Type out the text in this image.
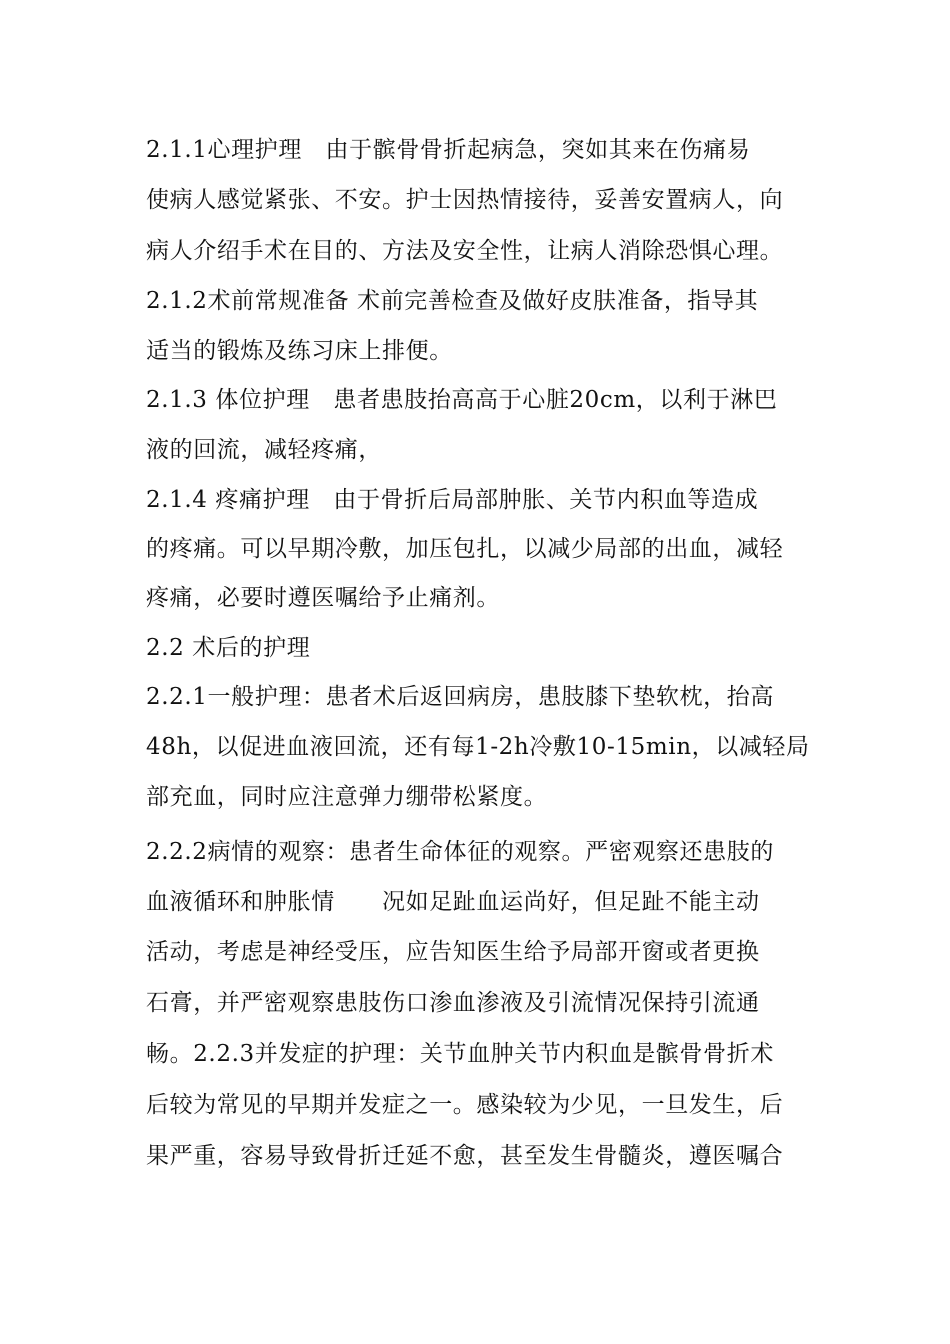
2.1.1心理护理　由于髌骨骨折起病急，突如其来在伤痛易
使病人感觉紧张、不安。护士因热情接待，妥善安置病人，向
病人介绍手术在目的、方法及安全性，让病人消除恐惧心理。
2.1.2术前常规准备 术前完善检查及做好皮肤准备，指导其
适当的锻炼及练习床上排便。
2.1.3 体位护理　患者患肢抬高高于心脏20cm，以利于淋巴
液的回流，减轻疼痛，
2.1.4 疼痛护理　由于骨折后局部肿胀、关节内积血等造成
的疼痛。可以早期冷敷，加压包扎，以减少局部的出血，减轻
疼痛，必要时遵医嘱给予止痛剂。
2.2 术后的护理
2.2.1一般护理：患者术后返回病房，患肢膝下垫软枕，抬高
48h，以促进血液回流，还有每1-2h冷敷10-15min，以减轻局
部充血，同时应注意弹力绷带松紧度。
2.2.2病情的观察：患者生命体征的观察。严密观察还患肢的
血液循环和肿胀情　　况如足趾血运尚好，但足趾不能主动
活动，考虑是神经受压，应告知医生给予局部开窗或者更换
石膏，并严密观察患肢伤口渗血渗液及引流情况保持引流通
畅。2.2.3并发症的护理：关节血肿关节内积血是髌骨骨折术
后较为常见的早期并发症之一。感染较为少见，一旦发生，后
果严重，容易导致骨折迁延不愈，甚至发生骨髓炎，遵医嘱合
